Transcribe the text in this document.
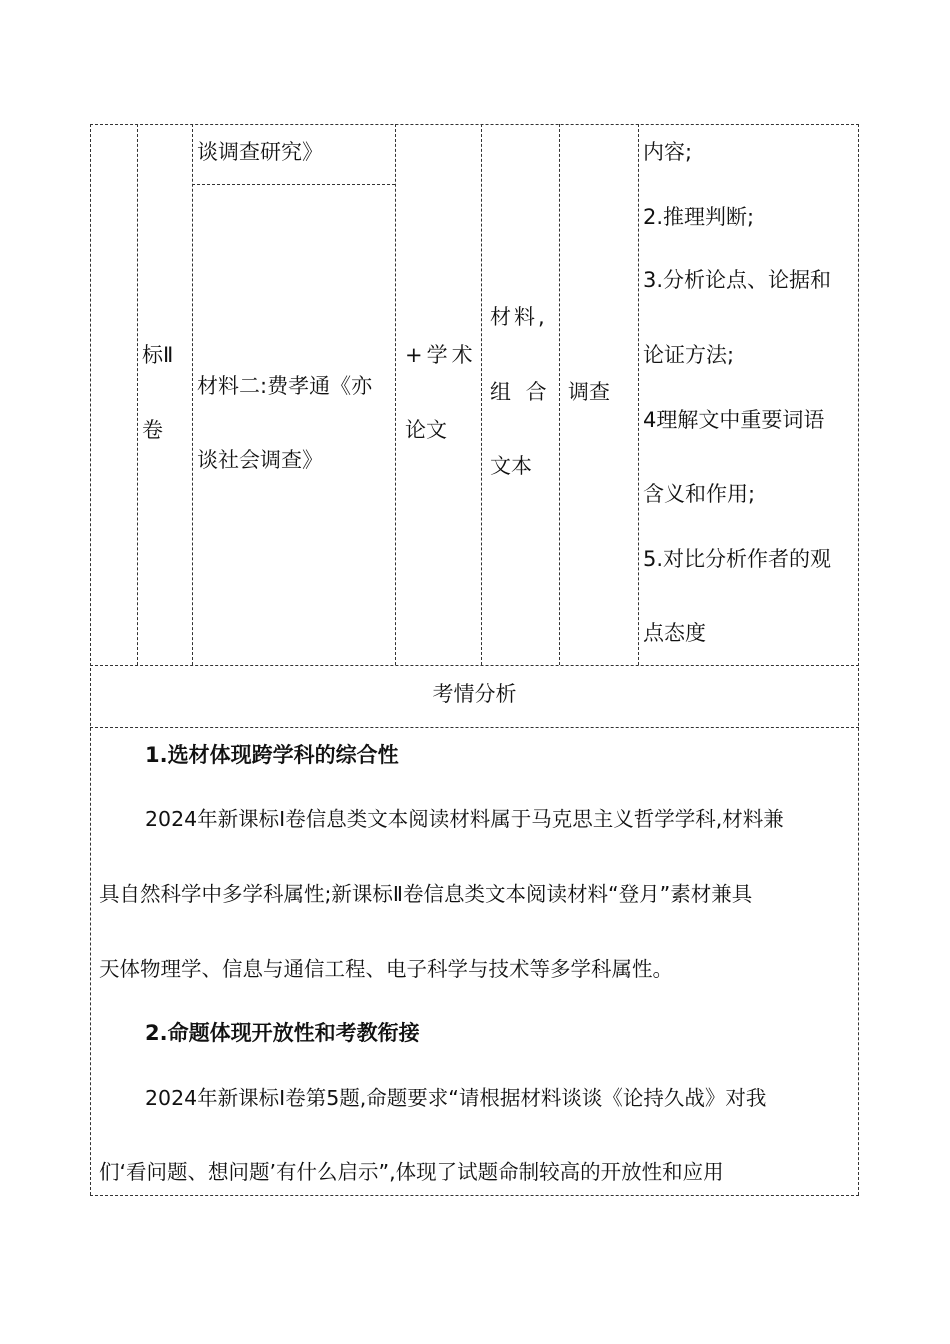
标Ⅱ
卷
谈调查研究》
材料二:费孝通《亦
谈社会调查》
+学术
论文
材料,
组 合
文本
调查
内容;
2.推理判断;
3.分析论点、论据和
论证方法;
4理解文中重要词语
含义和作用;
5.对比分析作者的观
点态度
考情分析
1.选材体现跨学科的综合性
2024年新课标Ⅰ卷信息类文本阅读材料属于马克思主义哲学学科,材料兼
具自然科学中多学科属性;新课标Ⅱ卷信息类文本阅读材料“登月”素材兼具
天体物理学、信息与通信工程、电子科学与技术等多学科属性。
2.命题体现开放性和考教衔接
2024年新课标Ⅰ卷第5题,命题要求“请根据材料谈谈《论持久战》对我
们‘看问题、想问题’有什么启示”,体现了试题命制较高的开放性和应用
